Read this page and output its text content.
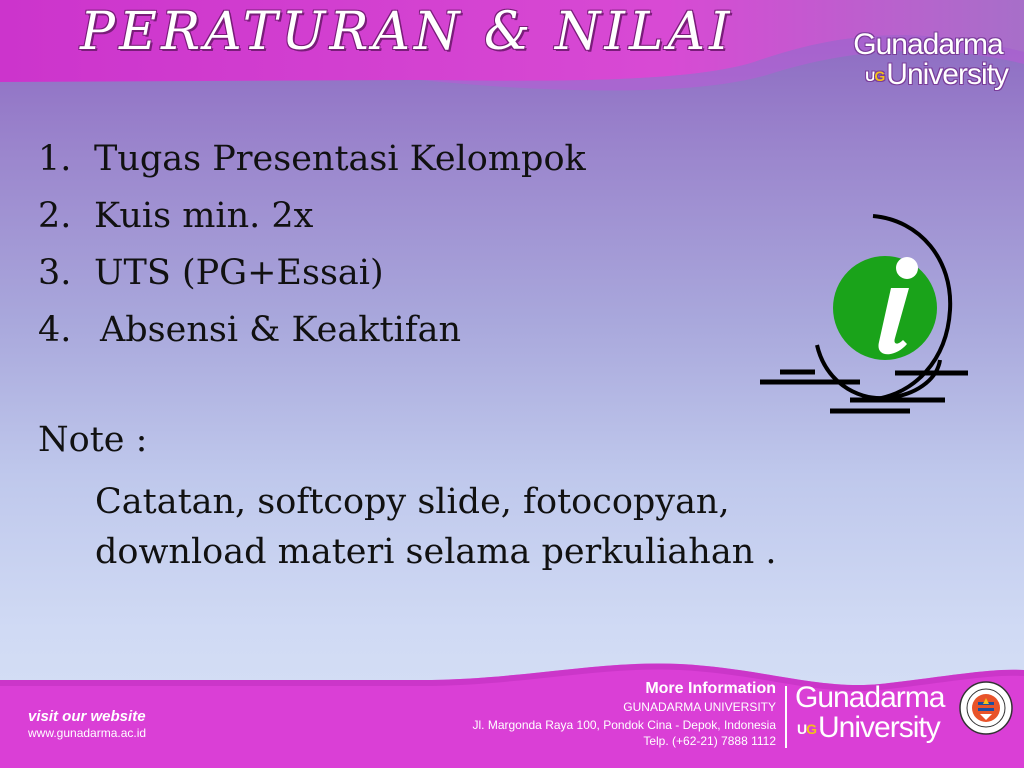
PERATURAN & NILAI	Gunadarma
UGUniversity
1. Tugas Presentasi Kelompok
2. Kuis min. 2x
3. UTS (PG+Essai)
4. Absensi & Keaktifan
Note :
Catatan, softcopy slide, fotocopyan,
download materi selama perkuliahan .
visit our website
www.gunadarma.ac.id
More Information
GUNADARMA UNIVERSITY
Jl. Margonda Raya 100, Pondok Cina - Depok, Indonesia
Telp. (+62-21) 7888 1112
Gunadarma
UGUniversity
